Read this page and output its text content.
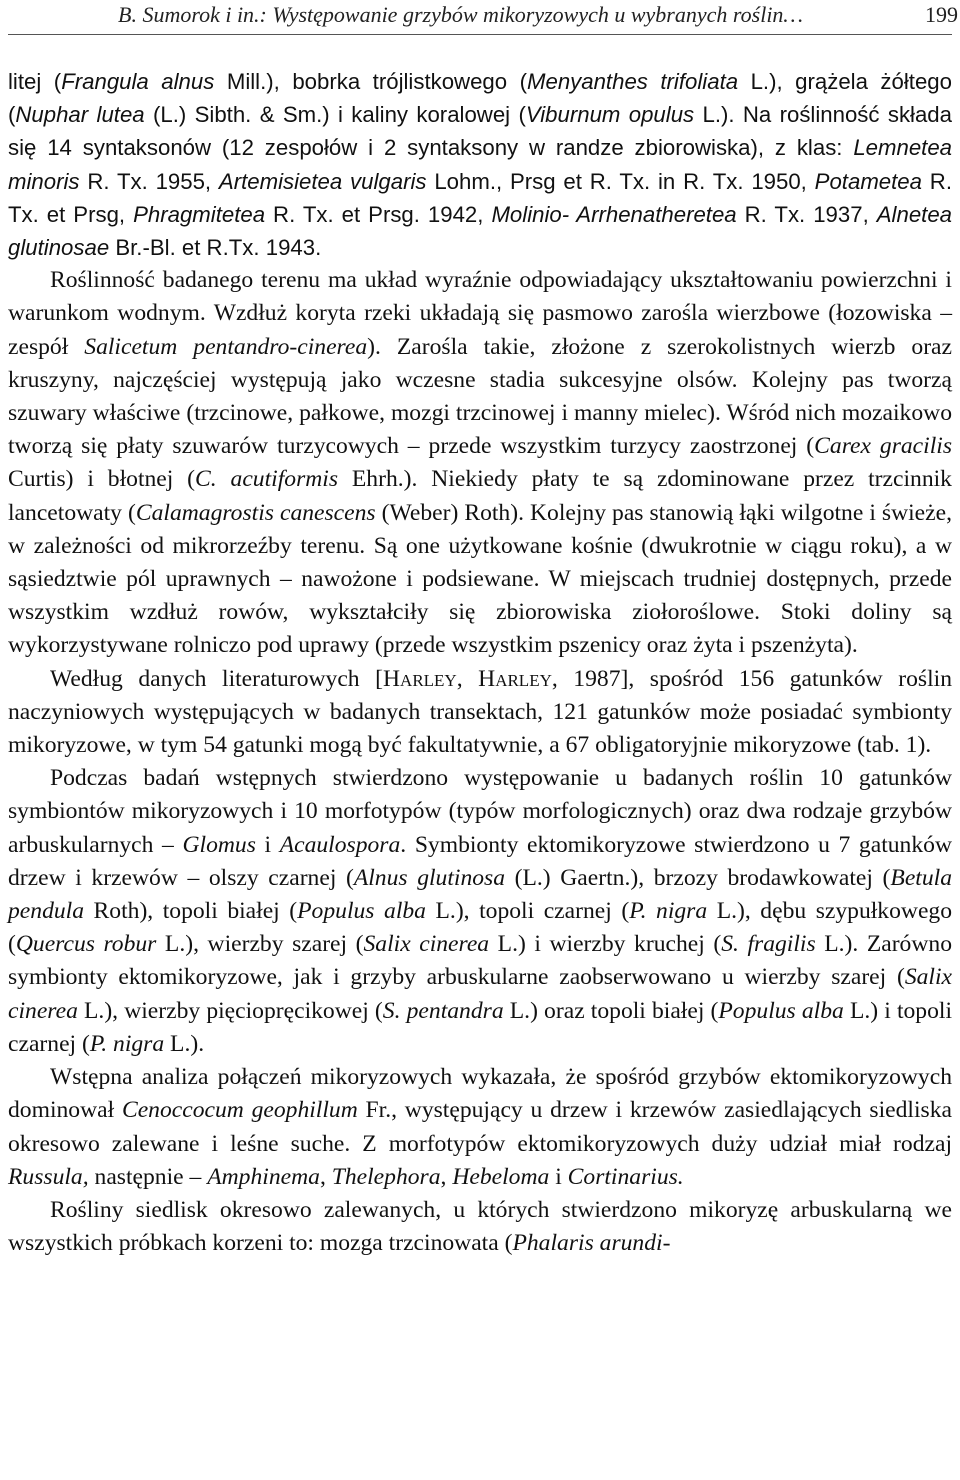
B. Sumorok i in.: Występowanie grzybów mikoryzowych u wybranych roślin…	199

litej (Frangula alnus Mill.), bobrka trójlistkowego (Menyanthes trifoliata L.), grążela żółtego (Nuphar lutea (L.) Sibth. & Sm.) i kaliny koralowej (Viburnum opulus L.). Na roślinność składa się 14 syntaksonów (12 zespołów i 2 syntaksony w randze zbiorowiska), z klas: Lemnetea minoris R. Tx. 1955, Artemisietea vulgaris Lohm., Prsg et R. Tx. in R. Tx. 1950, Potametea R. Tx. et Prsg, Phragmitetea R. Tx. et Prsg. 1942, Molinio- Arrhenatheretea R. Tx. 1937, Alnetea glutinosae Br.-Bl. et R.Tx. 1943.

Roślinność badanego terenu ma układ wyraźnie odpowiadający ukształtowaniu powierzchni i warunkom wodnym. Wzdłuż koryta rzeki układają się pasmowo zarośla wierzbowe (łozowiska – zespół Salicetum pentandro-cinerea). Zarośla takie, złożone z szerokolistnych wierzb oraz kruszyny, najczęściej występują jako wczesne stadia sukcesyjne olsów. Kolejny pas tworzą szuwary właściwe (trzcinowe, pałkowe, mozgi trzcinowej i manny mielec). Wśród nich mozaikowo tworzą się płaty szuwarów turzycowych – przede wszystkim turzycy zaostrzonej (Carex gracilis Curtis) i błotnej (C. acutiformis Ehrh.). Niekiedy płaty te są zdominowane przez trzcinnik lancetowaty (Calamagrostis canescens (Weber) Roth). Kolejny pas stanowią łąki wilgotne i świeże, w zależności od mikrorzeźby terenu. Są one użytkowane kośnie (dwukrotnie w ciągu roku), a w sąsiedztwie pól uprawnych – nawożone i podsiewane. W miejscach trudniej dostępnych, przede wszystkim wzdłuż rowów, wykształciły się zbiorowiska ziołoroślowe. Stoki doliny są wykorzystywane rolniczo pod uprawy (przede wszystkim pszenicy oraz żyta i pszenżyta).

Według danych literaturowych [Harley, Harley, 1987], spośród 156 gatunków roślin naczyniowych występujących w badanych transektach, 121 gatunków może posiadać symbionty mikoryzowe, w tym 54 gatunki mogą być fakultatywnie, a 67 obligatoryjnie mikoryzowe (tab. 1).

Podczas badań wstępnych stwierdzono występowanie u badanych roślin 10 gatunków symbiontów mikoryzowych i 10 morfotypów (typów morfologicznych) oraz dwa rodzaje grzybów arbuskularnych – Glomus i Acaulospora. Symbionty ektomikoryzowe stwierdzono u 7 gatunków drzew i krzewów – olszy czarnej (Alnus glutinosa (L.) Gaertn.), brzozy brodawkowatej (Betula pendula Roth), topoli białej (Populus alba L.), topoli czarnej (P. nigra L.), dębu szypułkowego (Quercus robur L.), wierzby szarej (Salix cinerea L.) i wierzby kruchej (S. fragilis L.). Zarówno symbionty ektomikoryzowe, jak i grzyby arbuskularne zaobserwowano u wierzby szarej (Salix cinerea L.), wierzby pięciopręcikowej (S. pentandra L.) oraz topoli białej (Populus alba L.) i topoli czarnej (P. nigra L.).

Wstępna analiza połączeń mikoryzowych wykazała, że spośród grzybów ektomikoryzowych dominował Cenoccocum geophillum Fr., występujący u drzew i krzewów zasiedlających siedliska okresowo zalewane i leśne suche. Z morfotypów ektomikoryzowych duży udział miał rodzaj Russula, następnie – Amphinema, Thelephora, Hebeloma i Cortinarius.

Rośliny siedlisk okresowo zalewanych, u których stwierdzono mikoryzę arbuskularną we wszystkich próbkach korzeni to: mozga trzcinowata (Phalaris arundi-
